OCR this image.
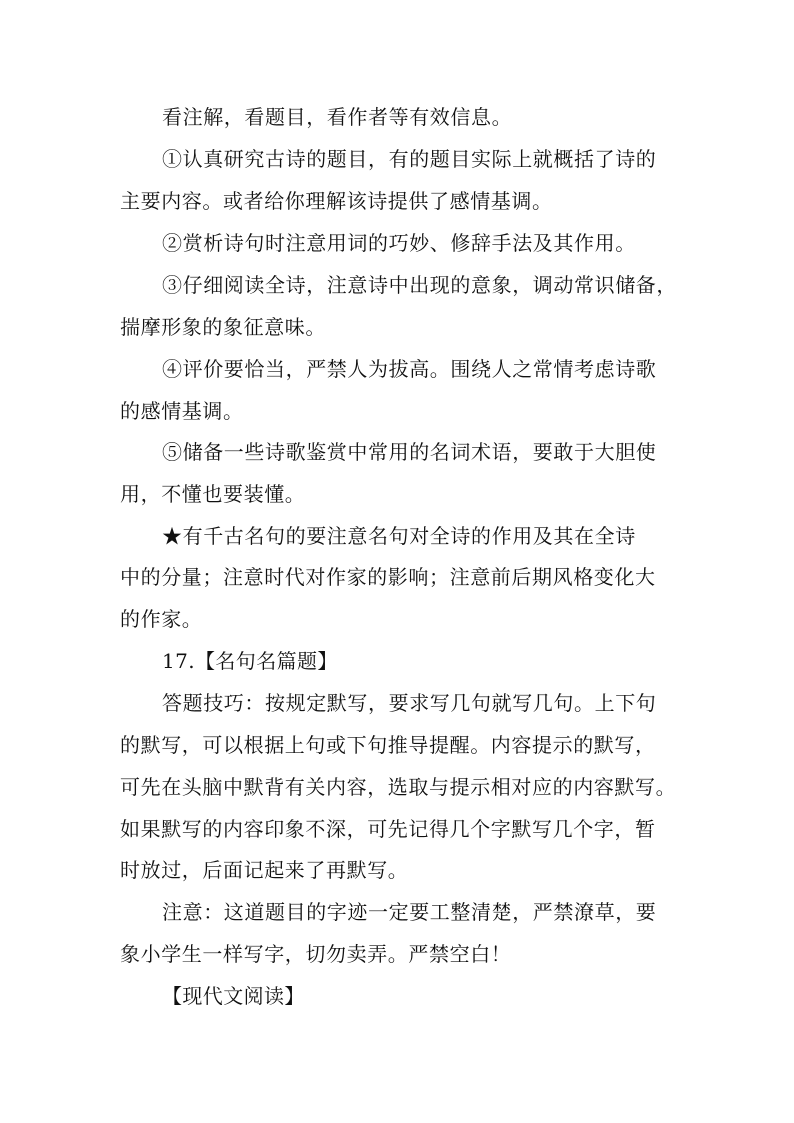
看注解，看题目，看作者等有效信息。
①认真研究古诗的题目，有的题目实际上就概括了诗的
主要内容。或者给你理解该诗提供了感情基调。
②赏析诗句时注意用词的巧妙、修辞手法及其作用。
③仔细阅读全诗，注意诗中出现的意象，调动常识储备，
揣摩形象的象征意味。
④评价要恰当，严禁人为拔高。围绕人之常情考虑诗歌
的感情基调。
⑤储备一些诗歌鉴赏中常用的名词术语，要敢于大胆使
用，不懂也要装懂。
★有千古名句的要注意名句对全诗的作用及其在全诗
中的分量；注意时代对作家的影响；注意前后期风格变化大
的作家。
17.【名句名篇题】
答题技巧：按规定默写，要求写几句就写几句。上下句
的默写，可以根据上句或下句推导提醒。内容提示的默写，
可先在头脑中默背有关内容，选取与提示相对应的内容默写。
如果默写的内容印象不深，可先记得几个字默写几个字，暂
时放过，后面记起来了再默写。
注意：这道题目的字迹一定要工整清楚，严禁潦草，要
象小学生一样写字，切勿卖弄。严禁空白！
【现代文阅读】
